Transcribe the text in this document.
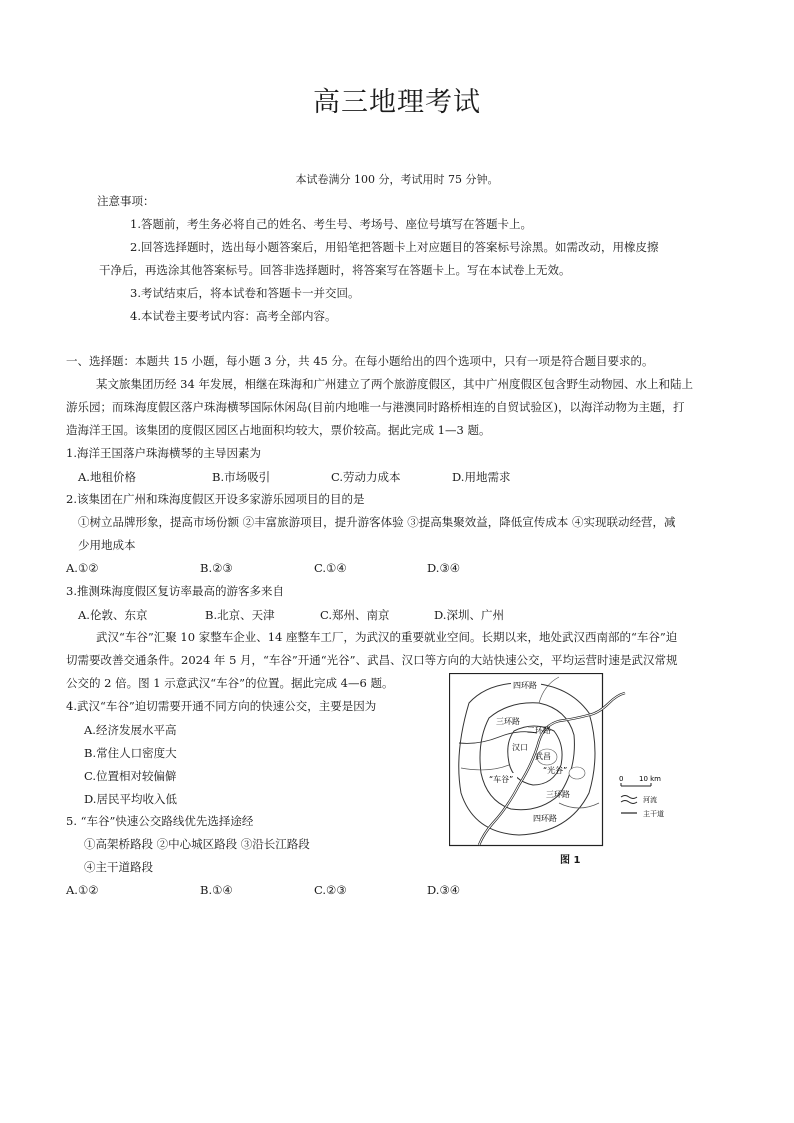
高三地理考试
本试卷满分 100 分，考试用时 75 分钟。
注意事项：
1.答题前，考生务必将自己的姓名、考生号、考场号、座位号填写在答题卡上。
2.回答选择题时，选出每小题答案后，用铅笔把答题卡上对应题目的答案标号涂黑。如需改动，用橡皮擦
干净后，再选涂其他答案标号。回答非选择题时，将答案写在答题卡上。写在本试卷上无效。
3.考试结束后，将本试卷和答题卡一并交回。
4.本试卷主要考试内容：高考全部内容。
一、选择题：本题共 15 小题，每小题 3 分，共 45 分。在每小题给出的四个选项中，只有一项是符合题目要求的。
某文旅集团历经 34 年发展，相继在珠海和广州建立了两个旅游度假区，其中广州度假区包含野生动物园、水上和陆上
游乐园；而珠海度假区落户珠海横琴国际休闲岛(目前内地唯一与港澳同时路桥相连的自贸试验区)，以海洋动物为主题，打
造海洋王国。该集团的度假区园区占地面积均较大，票价较高。据此完成 1—3 题。
1.海洋王国落户珠海横琴的主导因素为
A.地租价格	B.市场吸引	C.劳动力成本	D.用地需求
2.该集团在广州和珠海度假区开设多家游乐园项目的目的是
①树立品牌形象，提高市场份额 ②丰富旅游项目，提升游客体验 ③提高集聚效益，降低宣传成本 ④实现联动经营，减
少用地成本
A.①②	B.②③	C.①④	D.③④
3.推测珠海度假区复访率最高的游客多来自
A.伦敦、东京	B.北京、天津	C.郑州、南京	D.深圳、广州
武汉“车谷”汇聚 10 家整车企业、14 座整车工厂，为武汉的重要就业空间。长期以来，地处武汉西南部的“车谷”迫
切需要改善交通条件。2024 年 5 月，“车谷”开通“光谷”、武昌、汉口等方向的大站快速公交，平均运营时速是武汉常规
公交的 2 倍。图 1 示意武汉“车谷”的位置。据此完成 4—6 题。
4.武汉“车谷”迫切需要开通不同方向的快速公交，主要是因为
A.经济发展水平高
B.常住人口密度大
C.位置相对较偏僻
D.居民平均收入低
5. “车谷”快速公交路线优先选择途经
①高架桥路段 ②中心城区路段 ③沿长江路段
④主干道路段
A.①②	B.①④	C.②③	D.③④
四环路
三环路
二环路
汉口
武昌
“光谷”
“车谷”
三环路
四环路
0 10 km
河流
主干道
图 1
